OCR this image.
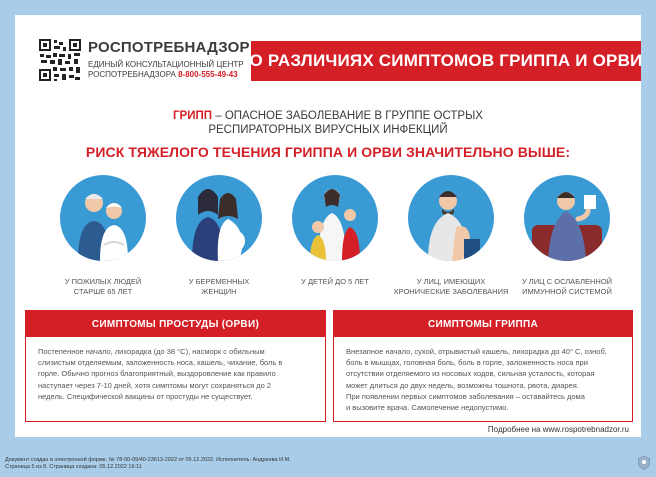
РОСПОТРЕБНАДЗОР
ЕДИНЫЙ КОНСУЛЬТАЦИОННЫЙ ЦЕНТР
РОСПОТРЕБНАДЗОРА 8-800-555-49-43
О РАЗЛИЧИЯХ СИМПТОМОВ ГРИППА И ОРВИ
ГРИПП – ОПАСНОЕ ЗАБОЛЕВАНИЕ В ГРУППЕ ОСТРЫХ
РЕСПИРАТОРНЫХ ВИРУСНЫХ ИНФЕКЦИЙ
РИСК ТЯЖЕЛОГО ТЕЧЕНИЯ ГРИППА И ОРВИ ЗНАЧИТЕЛЬНО ВЫШЕ:
У ПОЖИЛЫХ ЛЮДЕЙ
СТАРШЕ 65 ЛЕТ
У БЕРЕМЕННЫХ
ЖЕНЩИН
У ДЕТЕЙ ДО 5 ЛЕТ	У ЛИЦ, ИМЕЮЩИХ
ХРОНИЧЕСКИЕ ЗАБОЛЕВАНИЯ
У ЛИЦ С ОСЛАБЛЕННОЙ
ИММУННОЙ СИСТЕМОЙ
СИМПТОМЫ ПРОСТУДЫ (ОРВИ)
Постепенное начало, лихорадка (до 38 °С), насморк с обильным
слизистым отделяемым, заложенность носа, кашель, чихание, боль в
горле. Обычно прогноз благоприятный, выздоровление как правило
наступает через 7-10 дней, хотя симптомы могут сохраняться до 2
недель. Специфической вакцины от простуды не существует.
СИМПТОМЫ ГРИППА
Внезапное начало, сухой, отрывистый кашель, лихорадка до 40° С, озноб,
боль в мышцах, головная боль, боль в горле, заложенность носа при
отсутствии отделяемого из носовых ходов, сильная усталость, которая
может длиться до двух недель, возможны тошнота, рвота, диарея.
При появлении первых симптомов заболевания – оставайтесь дома
и вызовите врача. Самолечение недопустимо.
Подробнее на www.rospotrebnadzor.ru
Документ создан в электронной форме. № 78-00-09/40-23613-2022 от 05.12.2022. Исполнитель: Андреева И.М.
Страница 5 из 8. Страница создана: 05.12.2022 16:11
